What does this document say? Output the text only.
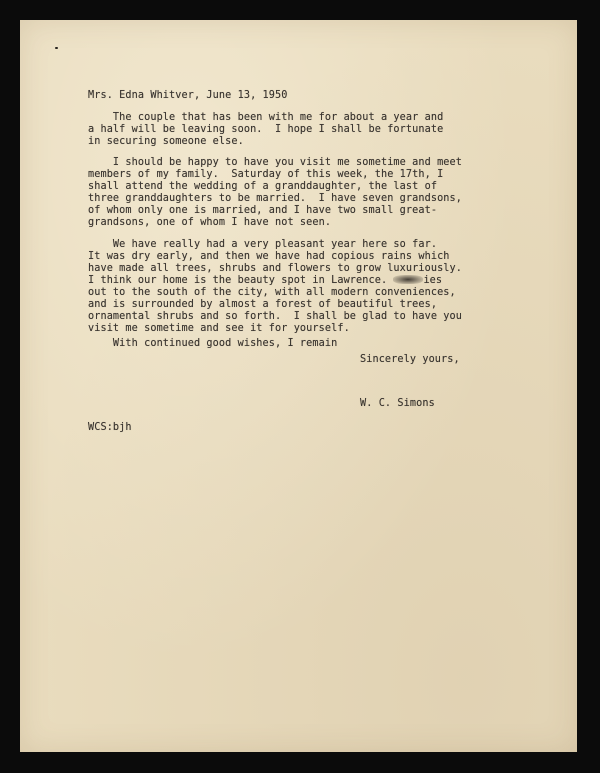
Mrs. Edna Whitver, June 13, 1950
The couple that has been with me for about a year and
a half will be leaving soon.  I hope I shall be fortunate
in securing someone else.
I should be happy to have you visit me sometime and meet
members of my family.  Saturday of this week, the 17th, I
shall attend the wedding of a granddaughter, the last of
three granddaughters to be married.  I have seven grandsons,
of whom only one is married, and I have two small great-
grandsons, one of whom I have not seen.
We have really had a very pleasant year here so far.
It was dry early, and then we have had copious rains which
have made all trees, shrubs and flowers to grow luxuriously.
I think our home is the beauty spot in Lawrence.	ies
out to the south of the city, with all modern conveniences,
and is surrounded by almost a forest of beautiful trees,
ornamental shrubs and so forth.  I shall be glad to have you
visit me sometime and see it for yourself.
With continued good wishes, I remain
Sincerely yours,
W. C. Simons
WCS:bjh
